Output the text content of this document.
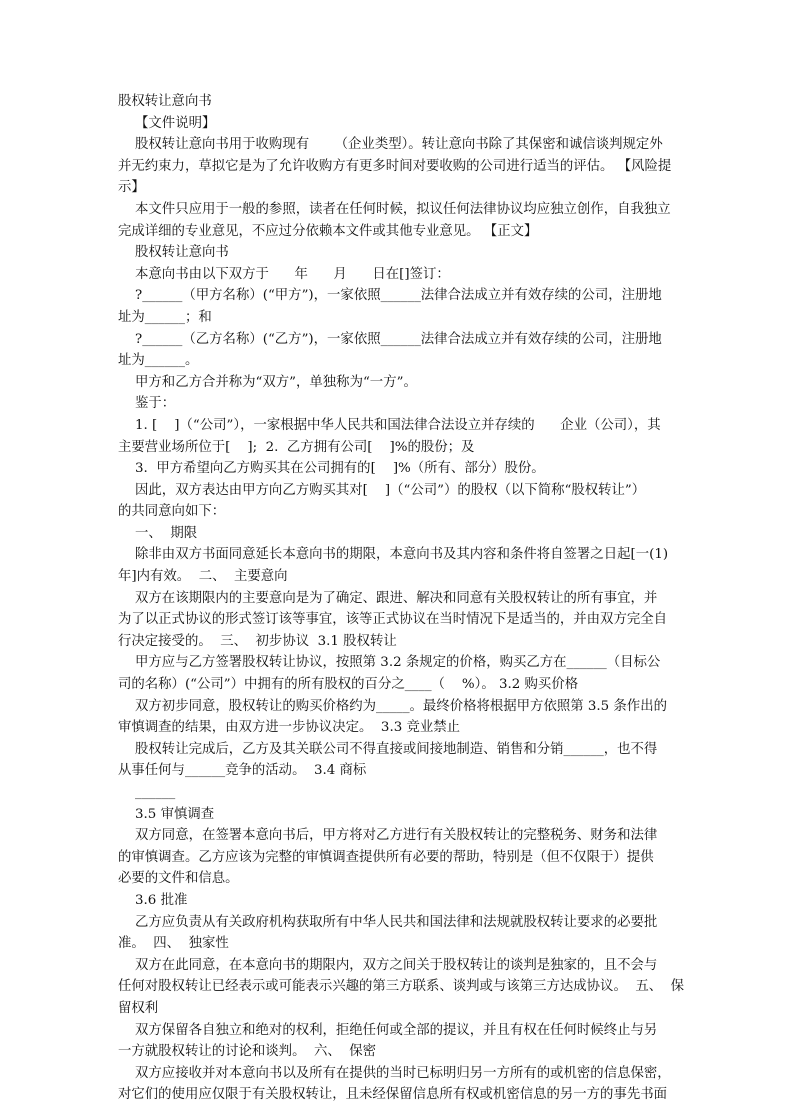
股权转让意向书
【文件说明】
股权转让意向书用于收购现有      （企业类型）。转让意向书除了其保密和诚信谈判规定外
并无约束力，草拟它是为了允许收购方有更多时间对要收购的公司进行适当的评估。 【风险提
示】
本文件只应用于一般的参照，读者在任何时候，拟议任何法律协议均应独立创作，自我独立
完成详细的专业意见，不应过分依赖本文件或其他专业意见。 【正文】
股权转让意向书
本意向书由以下双方于      年      月      日在[]签订：
?______（甲方名称）(“甲方”)，一家依照______法律合法成立并有效存续的公司，注册地
址为______；和
?______（乙方名称）(“乙方”)，一家依照______法律合法成立并有效存续的公司，注册地
址为______。
甲方和乙方合并称为“双方”，单独称为“一方”。
鉴于：
1. [    ]（“公司”），一家根据中华人民共和国法律合法设立并存续的      企业（公司），其
主要营业场所位于[    ];  2.  乙方拥有公司[    ]%的股份；及
3.  甲方希望向乙方购买其在公司拥有的[    ]%（所有、部分）股份。
因此，双方表达由甲方向乙方购买其对[    ]（“公司”）的股权（以下简称“股权转让”）
的共同意向如下：
一、  期限
除非由双方书面同意延长本意向书的期限，本意向书及其内容和条件将自签署之日起[一(1)
年]内有效。  二、  主要意向
双方在该期限内的主要意向是为了确定、跟进、解决和同意有关股权转让的所有事宜，并
为了以正式协议的形式签订该等事宜，该等正式协议在当时情况下是适当的，并由双方完全自
行决定接受的。  三、  初步协议  3.1 股权转让
甲方应与乙方签署股权转让协议，按照第 3.2 条规定的价格，购买乙方在______（目标公
司的名称）(“公司”）中拥有的所有股权的百分之____（    %）。 3.2 购买价格
双方初步同意，股权转让的购买价格约为_____。最终价格将根据甲方依照第 3.5 条作出的
审慎调查的结果，由双方进一步协议决定。  3.3 竞业禁止
股权转让完成后，乙方及其关联公司不得直接或间接地制造、销售和分销______，也不得
从事任何与______竞争的活动。  3.4 商标
______
3.5 审慎调查
双方同意，在签署本意向书后，甲方将对乙方进行有关股权转让的完整税务、财务和法律
的审慎调查。乙方应该为完整的审慎调查提供所有必要的帮助，特别是（但不仅限于）提供
必要的文件和信息。
3.6 批准
乙方应负责从有关政府机构获取所有中华人民共和国法律和法规就股权转让要求的必要批
准。  四、  独家性
双方在此同意，在本意向书的期限内，双方之间关于股权转让的谈判是独家的，且不会与
任何对股权转让已经表示或可能表示兴趣的第三方联系、谈判或与该第三方达成协议。  五、  保
留权利
双方保留各自独立和绝对的权利，拒绝任何或全部的提议，并且有权在任何时候终止与另
一方就股权转让的讨论和谈判。  六、  保密
双方应接收并对本意向书以及所有在提供的当时已标明归另一方所有的或机密的信息保密，
对它们的使用应仅限于有关股权转让，且未经保留信息所有权或机密信息的另一方的事先书面
